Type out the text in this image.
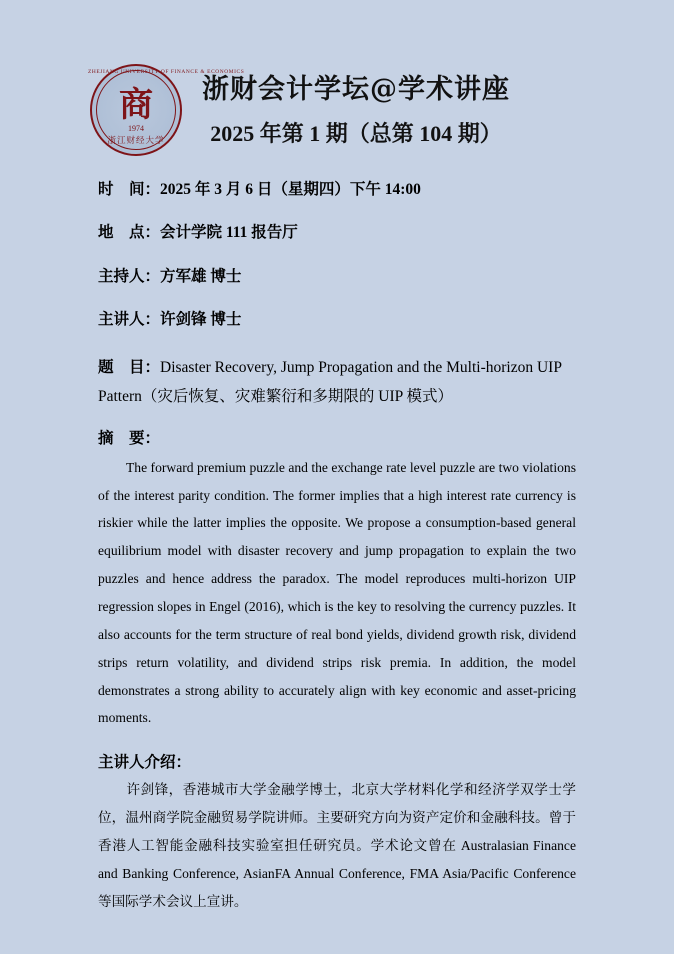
ZHEJIANG UNIVERSITY OF FINANCE & ECONOMICS
商
1974
浙江财经大学
浙财会计学坛@学术讲座
2025 年第 1 期（总第 104 期）
时　间：2025 年 3 月 6 日（星期四）下午 14:00
地　点：会计学院 111 报告厅
主持人：方军雄 博士
主讲人：许剑锋 博士
题　目：Disaster Recovery, Jump Propagation and the Multi-horizon UIP Pattern（灾后恢复、灾难繁衍和多期限的 UIP 模式）
摘　要：
The forward premium puzzle and the exchange rate level puzzle are two violations of the interest parity condition. The former implies that a high interest rate currency is riskier while the latter implies the opposite. We propose a consumption-based general equilibrium model with disaster recovery and jump propagation to explain the two puzzles and hence address the paradox. The model reproduces multi-horizon UIP regression slopes in Engel (2016), which is the key to resolving the currency puzzles. It also accounts for the term structure of real bond yields, dividend growth risk, dividend strips return volatility, and dividend strips risk premia. In addition, the model demonstrates a strong ability to accurately align with key economic and asset-pricing moments.
主讲人介绍：
许剑锋，香港城市大学金融学博士，北京大学材料化学和经济学双学士学位，温州商学院金融贸易学院讲师。主要研究方向为资产定价和金融科技。曾于香港人工智能金融科技实验室担任研究员。学术论文曾在 Australasian Finance and Banking Conference, AsianFA Annual Conference, FMA Asia/Pacific Conference 等国际学术会议上宣讲。
